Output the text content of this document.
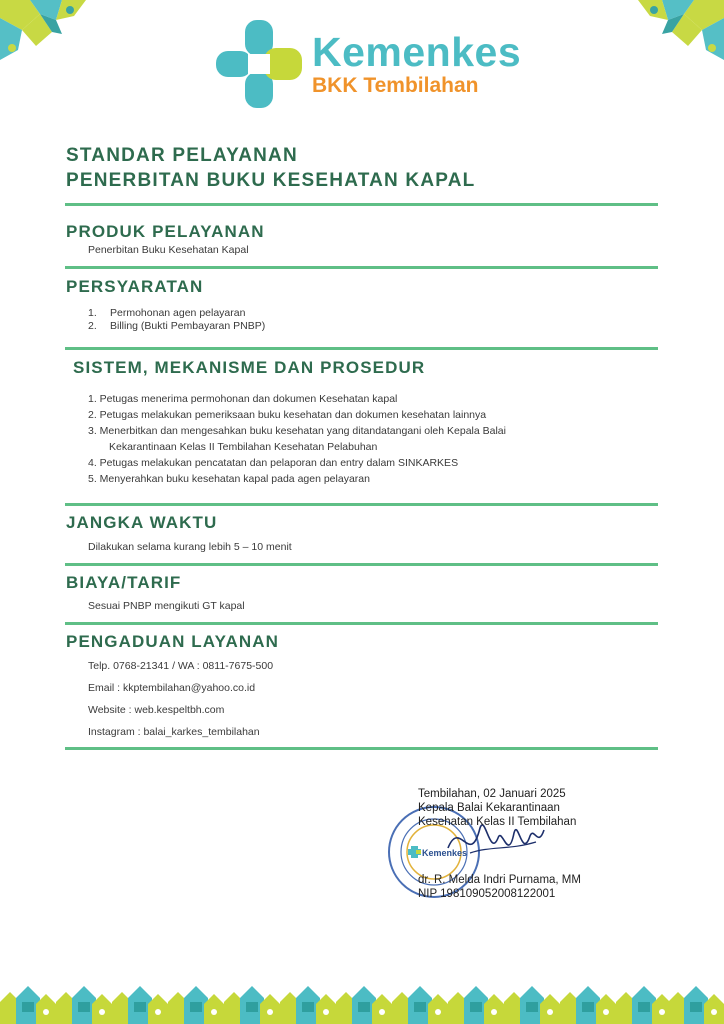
Kemenkes
BKK Tembilahan
STANDAR PELAYANAN
PENERBITAN BUKU KESEHATAN KAPAL
PRODUK PELAYANAN
Penerbitan Buku Kesehatan Kapal
PERSYARATAN
1. Permohonan agen pelayaran
2. Billing (Bukti Pembayaran PNBP)
SISTEM, MEKANISME DAN PROSEDUR
1. Petugas menerima permohonan dan dokumen Kesehatan kapal
2. Petugas melakukan pemeriksaan buku kesehatan dan dokumen kesehatan lainnya
3. Menerbitkan dan mengesahkan buku kesehatan yang ditandatangani oleh Kepala Balai
Kekarantinaan Kelas II Tembilahan Kesehatan Pelabuhan
4. Petugas melakukan pencatatan dan pelaporan dan entry dalam SINKARKES
5. Menyerahkan buku kesehatan kapal pada agen pelayaran
JANGKA WAKTU
Dilakukan selama kurang lebih 5 – 10 menit
BIAYA/TARIF
Sesuai PNBP mengikuti GT kapal
PENGADUAN LAYANAN
Telp. 0768-21341 / WA : 0811-7675-500
Email : kkptembilahan@yahoo.co.id
Website : web.kespeltbh.com
Instagram : balai_karkes_tembilahan
Kemenkes
Tembilahan, 02 Januari 2025
Kepala Balai Kekarantinaan
Kesehatan Kelas II Tembilahan
dr. R. Melda Indri Purnama, MM
NIP 198109052008122001
